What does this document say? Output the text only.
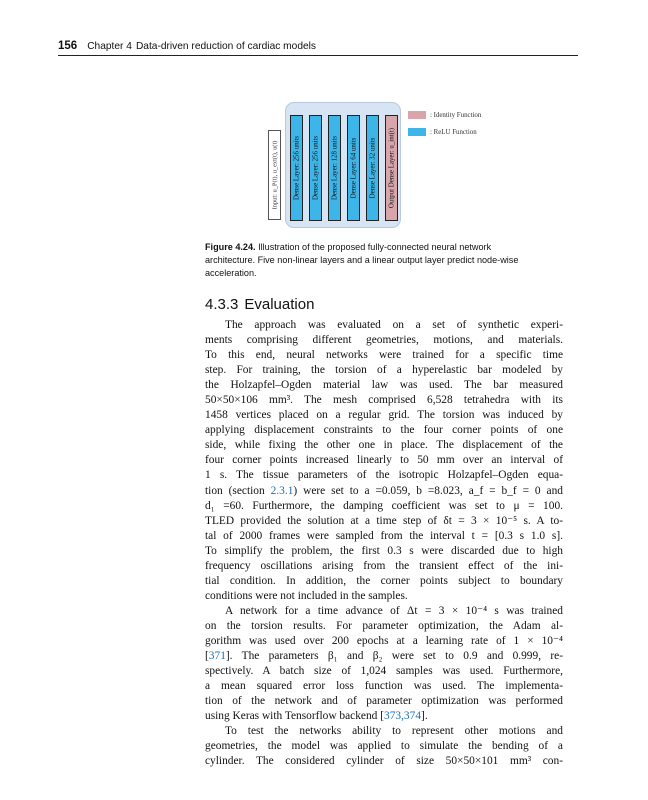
156 Chapter 4 Data-driven reduction of cardiac models
Input: u_P(t), u_ext(t), u(t) Dense Layer: 256 units Dense Layer: 256 units Dense Layer: 128 units Dense Layer: 64 units Dense Layer: 32 units Output Dense Layer: u_int(t)
: Identity Function
: ReLU Function
Figure 4.24. Illustration of the proposed fully-connected neural network
architecture. Five non-linear layers and a linear output layer predict node-wise
acceleration.
4.3.3 Evaluation
The approach was evaluated on a set of synthetic experi-
ments comprising different geometries, motions, and materials.
To this end, neural networks were trained for a specific time
step. For training, the torsion of a hyperelastic bar modeled by
the Holzapfel–Ogden material law was used. The bar measured
50×50×106 mm³. The mesh comprised 6,528 tetrahedra with its
1458 vertices placed on a regular grid. The torsion was induced by
applying displacement constraints to the four corner points of one
side, while fixing the other one in place. The displacement of the
four corner points increased linearly to 50 mm over an interval of
1 s. The tissue parameters of the isotropic Holzapfel–Ogden equa-
tion (section 2.3.1) were set to a =0.059, b =8.023, a_f = b_f = 0 and
d₁ =60. Furthermore, the damping coefficient was set to μ = 100.
TLED provided the solution at a time step of δt = 3 × 10⁻⁵ s. A to-
tal of 2000 frames were sampled from the interval t = [0.3 s 1.0 s].
To simplify the problem, the first 0.3 s were discarded due to high
frequency oscillations arising from the transient effect of the ini-
tial condition. In addition, the corner points subject to boundary
conditions were not included in the samples.
A network for a time advance of Δt = 3 × 10⁻⁴ s was trained
on the torsion results. For parameter optimization, the Adam al-
gorithm was used over 200 epochs at a learning rate of 1 × 10⁻⁴
[371]. The parameters β₁ and β₂ were set to 0.9 and 0.999, re-
spectively. A batch size of 1,024 samples was used. Furthermore,
a mean squared error loss function was used. The implementa-
tion of the network and of parameter optimization was performed
using Keras with Tensorflow backend [373,374].
To test the networks ability to represent other motions and
geometries, the model was applied to simulate the bending of a
cylinder. The considered cylinder of size 50×50×101 mm³ con-
